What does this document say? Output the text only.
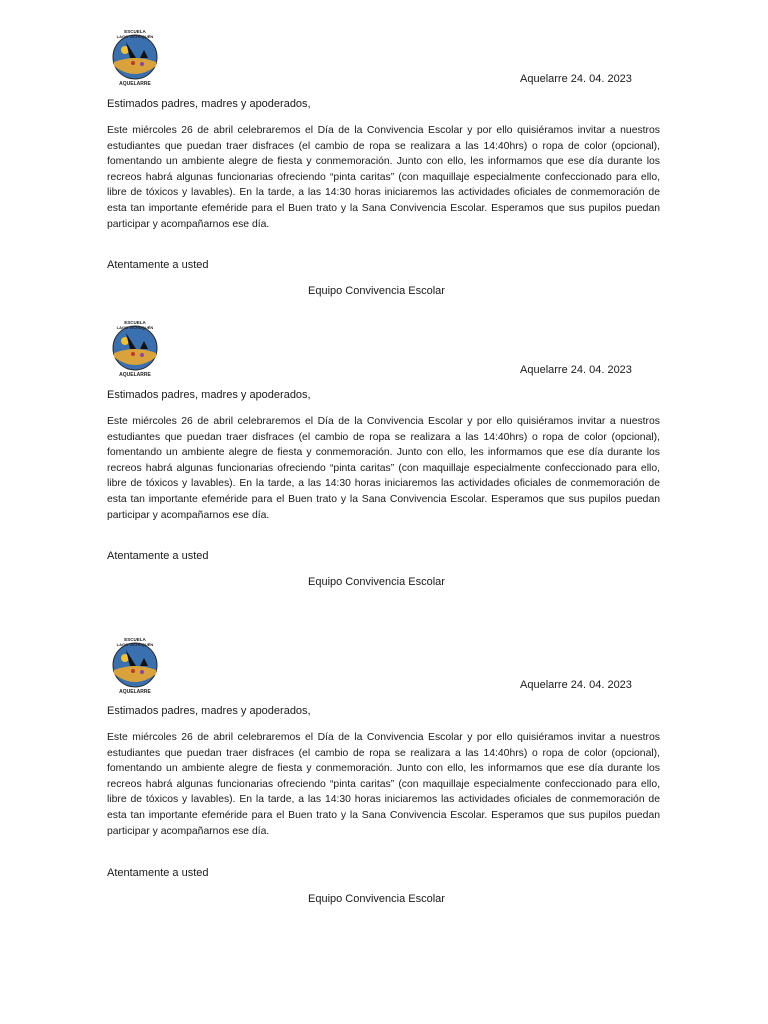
ESCUELA
LAGO VICHUQUÉN
AQUELARRE	Aquelarre 24. 04. 2023
Estimados padres, madres y apoderados,
Este miércoles 26 de abril celebraremos el Día de la Convivencia Escolar y por ello quisiéramos invitar a nuestros estudiantes que puedan traer disfraces (el cambio de ropa se realizara a las 14:40hrs) o ropa de color (opcional), fomentando un ambiente alegre de fiesta y conmemoración. Junto con ello, les informamos que ese día durante los recreos habrá algunas funcionarias ofreciendo “pinta caritas” (con maquillaje especialmente confeccionado para ello, libre de tóxicos y lavables). En la tarde, a las 14:30 horas iniciaremos las actividades oficiales de conmemoración de esta tan importante efeméride para el Buen trato y la Sana Convivencia Escolar. Esperamos que sus pupilos puedan participar y acompañarnos ese día.
Atentamente a usted
Equipo Convivencia Escolar
ESCUELA
LAGO VICHUQUÉN
AQUELARRE	Aquelarre 24. 04. 2023
Estimados padres, madres y apoderados,
Este miércoles 26 de abril celebraremos el Día de la Convivencia Escolar y por ello quisiéramos invitar a nuestros estudiantes que puedan traer disfraces (el cambio de ropa se realizara a las 14:40hrs) o ropa de color (opcional), fomentando un ambiente alegre de fiesta y conmemoración. Junto con ello, les informamos que ese día durante los recreos habrá algunas funcionarias ofreciendo “pinta caritas” (con maquillaje especialmente confeccionado para ello, libre de tóxicos y lavables). En la tarde, a las 14:30 horas iniciaremos las actividades oficiales de conmemoración de esta tan importante efeméride para el Buen trato y la Sana Convivencia Escolar. Esperamos que sus pupilos puedan participar y acompañarnos ese día.
Atentamente a usted
Equipo Convivencia Escolar
ESCUELA
LAGO VICHUQUÉN
AQUELARRE
Aquelarre 24. 04. 2023
Estimados padres, madres y apoderados,
Este miércoles 26 de abril celebraremos el Día de la Convivencia Escolar y por ello quisiéramos invitar a nuestros estudiantes que puedan traer disfraces (el cambio de ropa se realizara a las 14:40hrs) o ropa de color (opcional), fomentando un ambiente alegre de fiesta y conmemoración. Junto con ello, les informamos que ese día durante los recreos habrá algunas funcionarias ofreciendo “pinta caritas” (con maquillaje especialmente confeccionado para ello, libre de tóxicos y lavables). En la tarde, a las 14:30 horas iniciaremos las actividades oficiales de conmemoración de esta tan importante efeméride para el Buen trato y la Sana Convivencia Escolar. Esperamos que sus pupilos puedan participar y acompañarnos ese día.
Atentamente a usted
Equipo Convivencia Escolar
